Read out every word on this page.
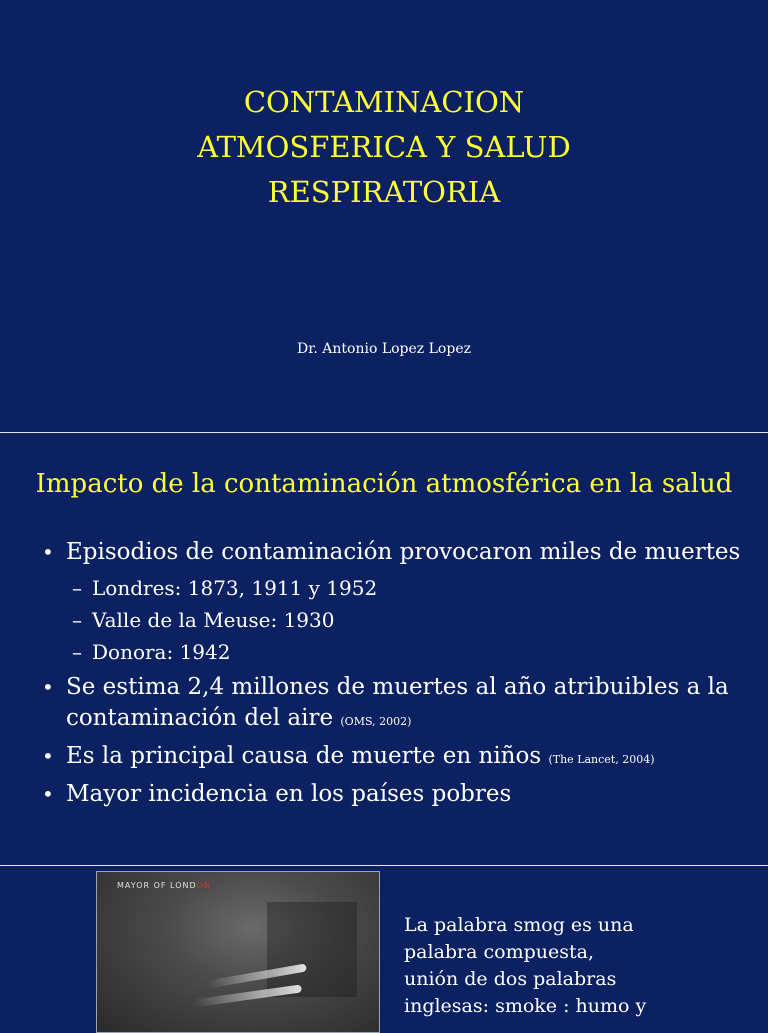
CONTAMINACION
ATMOSFERICA Y SALUD
RESPIRATORIA
Dr. Antonio Lopez Lopez
Impacto de la contaminación atmosférica en la salud
• Episodios de contaminación provocaron miles de muertes
– Londres: 1873, 1911 y 1952
– Valle de la Meuse: 1930
– Donora: 1942
• Se estima 2,4 millones de muertes al año atribuibles a la
contaminación del aire (OMS, 2002)
• Es la principal causa de muerte en niños (The Lancet, 2004)
• Mayor incidencia en los países pobres
MAYOR OF LONDON
La palabra smog es una
palabra compuesta,
unión de dos palabras
inglesas: smoke : humo y
